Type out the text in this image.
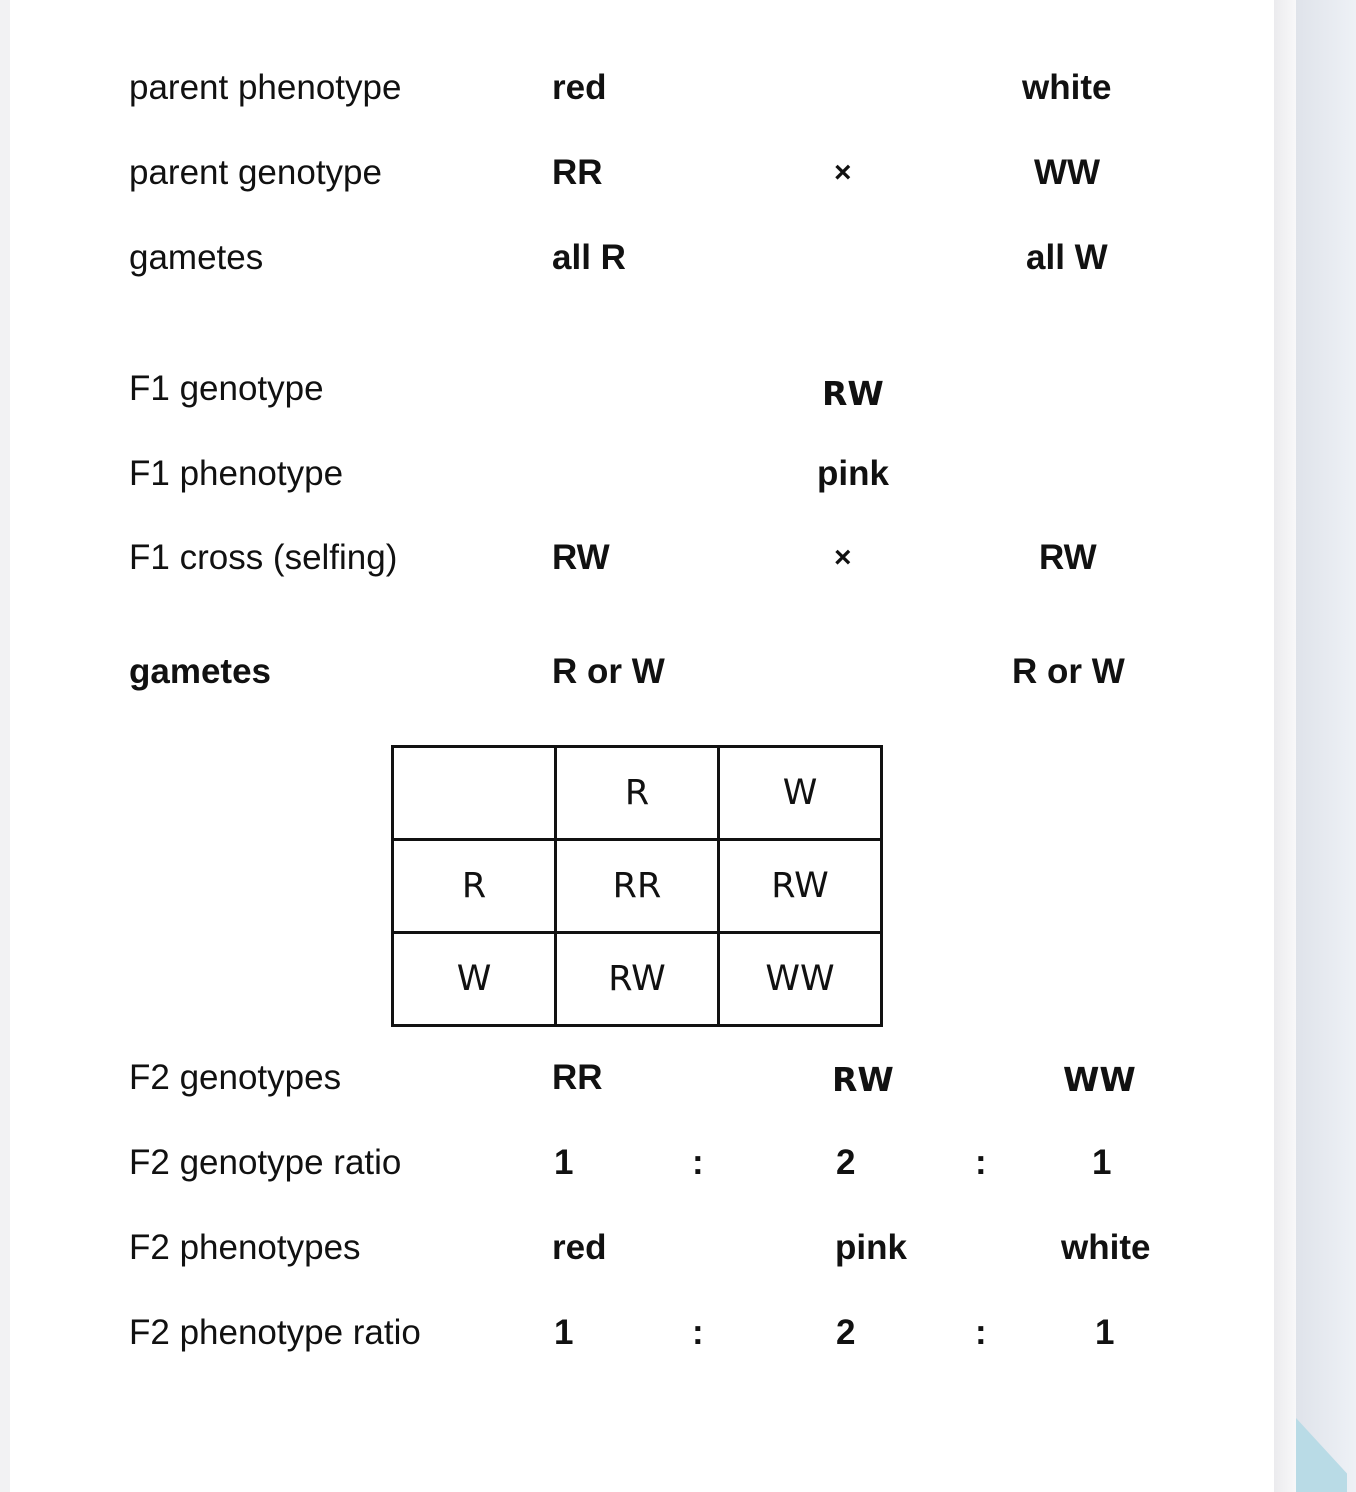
parent phenotype	red	white
parent genotype	RR	×	WW
gametes	all R	all W
F1 genotype	RW
F1 phenotype	pink
F1 cross (selfing)	RW	×	RW
gametes	R or W	R or W
	R	W
R	RR	RW
W	RW	WW
F2 genotypes	RR	RW	WW
F2 genotype ratio	1	:	2	:	1
F2 phenotypes	red	pink	white
F2 phenotype ratio	1	:	2	:	1
